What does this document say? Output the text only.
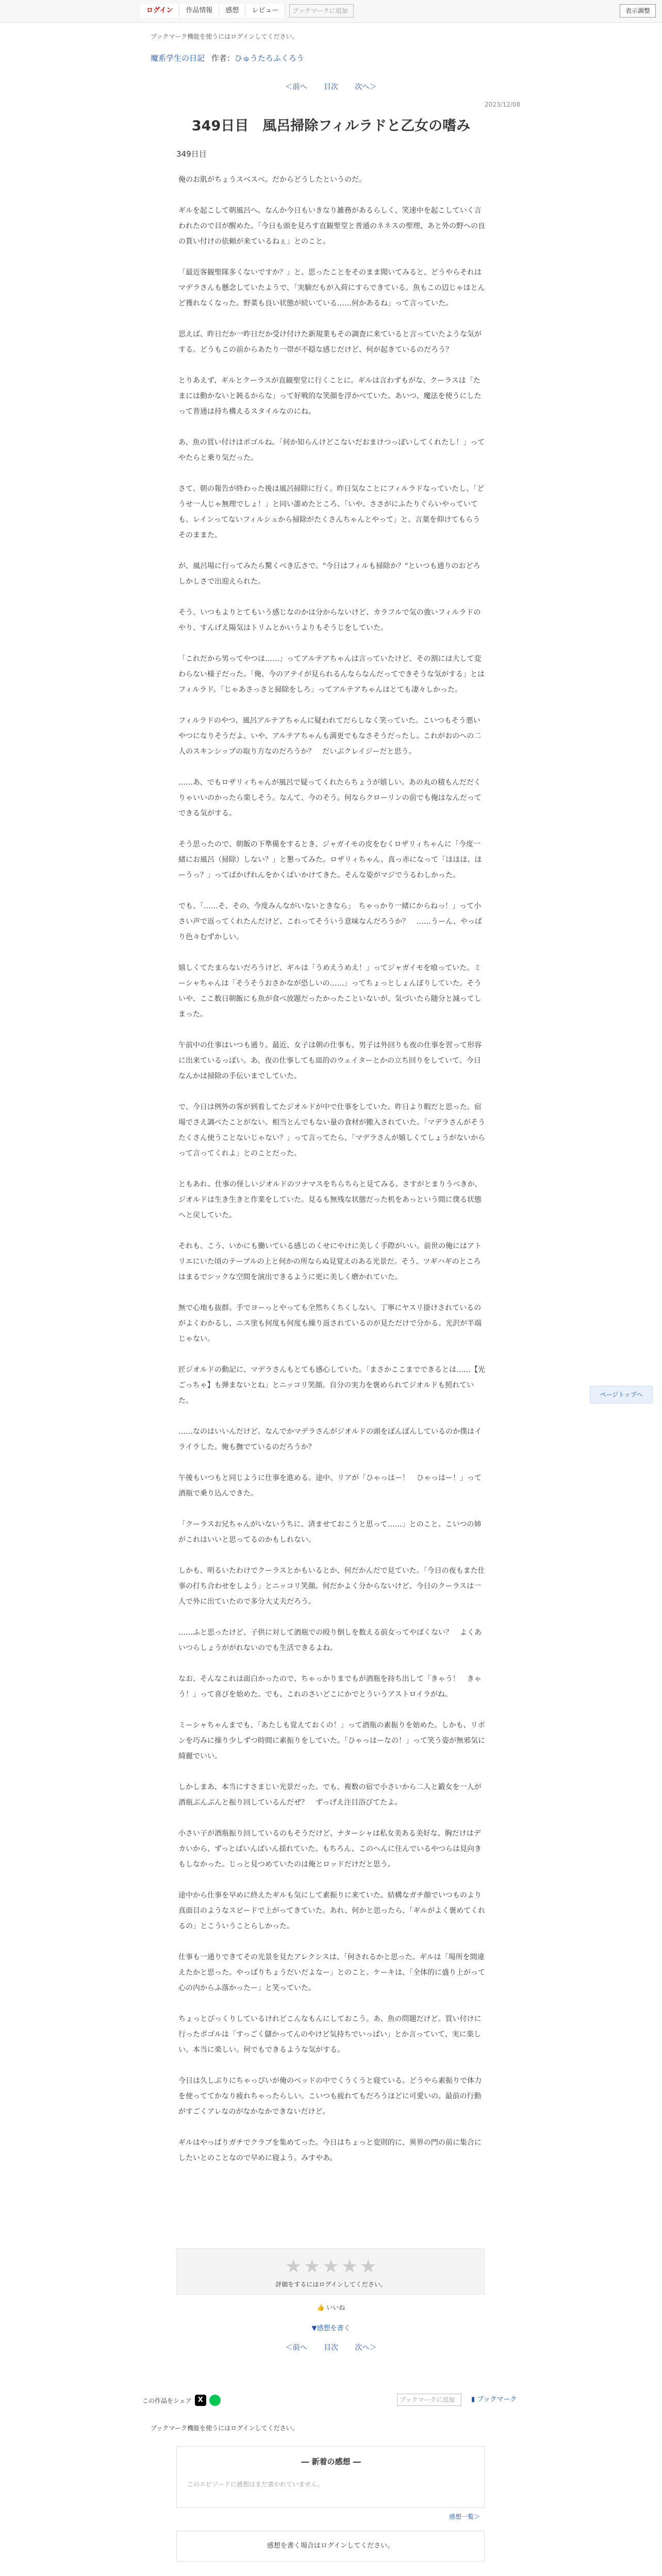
ログイン	作品情報	感想	レビュー	ブックマークに追加	表示調整
ブックマーク機能を使うにはログインしてください。
魔系学生の日記 作者：ひゅうたろふくろう
＜前へ 目次 次へ＞
2023/12/08
349日目　風呂掃除フィルラドと乙女の嗜み
349日目

俺のお肌がちょうスベスベ。だからどうしたというのだ。

ギルを起こして朝風呂へ。なんか今日もいきなり雑務があるらしく、笑速中を起こしていく言われたので目が醒めた。「今日も頭を見ろす直観聖堂と普通のネネスの聖理、あと外の野への良の貰い付けの依頼が来ているねぇ」とのこと。

「最近客観聖隊多くないですか？」と、思ったことをそのまま聞いてみると、どうやらそれはマデラさんも懸念していたようで、「実験だもが入荷にすらできている。魚もこの辺じゃほとんど獲れなくなった。野菜も良い状態が続いている……何かあるね」って言っていた。

思えば、昨日だか一昨日だか受け付けた新規業もその調査に来ていると言っていたような気がする。どうもこの前からあたり一帯が不穏な感じだけど、何が起きているのだろう？

とりあえず、ギルとクーラスが直観聖堂に行くことに。ギルは言わずもがな、クーラスは「たまには動かないと鈍るからな」って好戦的な笑顔を浮かべていた。あいつ、魔法を使うにしたって普通は持ち構えるスタイルなのにね。

あ、魚の買い付けはポゴルね。「何か知らんけどこないだおまけつっぽいしてくれたし！」ってやたらと乗り気だった。

さて、朝の報告が終わった後は風呂掃除に行く。昨日気なことにフィルラドなっていたし、「どうせ一人じゃ無理でしょ！」と同い誰めたところ、「いや、ささがにふたりぐらいやっていても、レインってないフィルシュから掃除がたくさんちゃんとやって」と、言葉を仰けてもらうそのままた。

が、風呂場に行ってみたら驚くべき広さで。"今日はフィルも掃除か？"といつも通りのおどろしかしさで出迎えられた。

そう、いつもよりとてもいう感じなのかは分からないけど、カラフルで気の強いフィルラドのやり、すんげえ陽気はトリムとかいうよりもそうじをしていた。

「これだから男ってやつは……」ってアルテアちゃんは言っていたけど、その割には大して変わらない様子だった。「俺、今のアテイが見られるんならなんだってできそうな気がする」とはフィルラド。「じゃあさっさと掃除をしろ」ってアルテアちゃんはとても凄々しかった。

フィルラドのやつ、風呂アルテアちゃんに疑われてだらしなく笑っていた。こいつもそう悪いやつになりそうだよ、いや、アルテアちゃんも満更でもなさそうだったし。これがおのへの二人のスキンシップの取り方なのだろうか？　だいぶクレイジーだと思う。

……あ、でもロザリィちゃんが風呂で疑ってくれたらちょうが嬉しい。あの丸の積もんだだくりゃいいのかったら楽しそう。なんて、今のそう。何ならクローリンの前でも俺はなんだってできる気がする。

そう思ったので、朝飯の下準備をするとき、ジャガイモの皮をむくロザリィちゃんに「今度一緒にお風呂（掃除）しない？」と懇ってみた。ロザリィちゃん、真っ赤になって「ほほほ、ほーうっ？」ってばかげれんをかくぱいかけてきた。そんな姿がマジでうるわしかった。

でも、「……そ、その、今度みんながいないときなら」　ちゃっかり一緒にからねっ！」って小さい声で返ってくれたんだけど、これってそういう意味なんだろうか？　……うーん、やっぱり色々むずかしい。

嬉しくてたまらないだろうけど、ギルは「うめえうめえ！」ってジャガイモを喰っていた。ミーシャちゃんは「そうそうおさかなが恐しいの……」ってちょっとしょんぼりしていた。そういや、ここ数日朝飯にも魚が食べ放題だったかったこといないが、気づいたら随分と減ってしまった。

午前中の仕事はいつも通り。最近、女子は朝の仕事も、男子は外回りも夜の仕事を習って形容に出来ているっぽい。あ、夜の仕事しても皿的のウェイターとかの立ち回りをしていて、今日なんかは掃除の手伝いまでしていた。

で、今日は例外の客が到着してたジオルドが中で仕事をしていた。昨日より暇だと思った。宿場でさえ調べたことがない。相当とんでもない量の食材が搬入されていた。「マデラさんがそうたくさん使うことないじゃない？」って言ってたら、「マデラさんが嬉しくてしょうがないからって言ってくれよ」とのことだった。

ともあれ、仕事の怪しいジオルドのツナマスをちらちらと見てみる。さすがとまりうべきか、ジオルドは生き生きと作業をしていた。見るも無残な状態だった机をあっという間に僕る状態へと戻していた。

それも、こう、いかにも働いている感じのくせにやけに美しく手際がいい。前世の俺にはアトリエにいた頃のテーブルの上と何かの所ならぬ見覚えのある光景だ。そう、ツギハギのところはまるでシックな空間を演出できるように更に美しく磨かれていた。

無で心地も抜群。手でヨーっとやっても全然ちくちくしない。丁寧にヤスリ掛けされているのがよくわかるし、ニス塗も何度も何度も繰り返されているのが見ただけで分かる。光沢が半端じゃない。

匠ジオルドの動記に、マデラさんもとても感心していた。「まさかここまでできるとは……【光ごっちゃ】も弾まないとね」とニッコリ笑顔。自分の実力を褒められてジオルドも照れていた。

……なのはいいんだけど、なんでかマデラさんがジオルドの頭をぽんぽんしているのか僕はイライラした。俺も撫でているのだろうか？

午後もいつもと同じように仕事を進める。途中、リアが「ひゃっはー！　ひゃっはー！」って酒瓶で乗り込んできた。

「クーラスお兄ちゃんがいないうちに、済ませておこうと思って……」とのこと。こいつの姉がこれはいいと思ってるのかもしれない。

しかも、明るいたわけでクーラスとかもいるとか、何だかんだで見ていた。「今日の夜もまた仕事の打ち合わせをしよう」とニッコリ笑顔。何だかよく分からないけど、今日のクーラスは一人で外に出ていたので多分大丈夫だろう。

……ふと思ったけど、子供に対して酒瓶での殴り倒しを数える前女ってやぱくない？　よくあいつらしょうががれないのでも生活できるよね。

なお、そんなこれは面白かったので、ちゃっかりまでもが酒瓶を持ち出して「きゃう！　きゃう！」って喜びを始めた。でも、これのさいどこにかでとういうアストロイラがね。

ミーシャちゃんまでも、「あたしも覚えておくの！」って酒瓶の素振りを始めた。しかも、リボンを巧みに操り少しずつ時間に素振りをしていた。「ひゃっはーなの！」って笑う姿が無邪気に綺麗でいい。

しかしまあ、本当にすさまじい光景だった。でも、複数の宿で小さいから二人と鍛女を一人が酒瓶ぶんぶんと振り回しているんだぜ？　ずっげえ注目浴びてたよ。

小さい子が酒瓶振り回しているのもそうだけど、ナターシャは私女美ある美好な、胸だけはデカいから、ずっとばいんばいん揺れていた。もちろん、このへんに住んでいるやつらは見向きもしなかった。じっと見つめていたのは俺とロッドだけだと思う。

途中から仕事を早めに終えたギルも気にして素振りに来ていた。結構なガチ顔でいつものより真面目のようなスピードで上がってきていた。あれ、何かと思ったら、「ギルがよく褒めてくれるの」とこういうことらしかった。

仕事も一通りできてその光景を見たアレクシスは、「何されるかと思った。ギルは「場所を間違えたかと思った。やっぱりちょうだいだよなー」とのこと。ケーキは、「全体的に盛り上がって心の内からふ落かったー」と笑っていた。

ちょっとぴっくりしているけれどこんなもんにしておこう。あ、魚の問題だけど。買い付けに行ったポゴルは「すっごく儲かってんのやけど気持ちでいっぱい」とか言っていて、実に楽しい。本当に楽しい。何でもできるような気がする。

今日は久しぶりにちゃっぴいが俺のベッドの中でくうくうと寝ている。どうやら素振りで体力を使っててかなり疲れちゃったらしい。こいつも疲れてもだろうほどに可愛いの。最前の行動がすごくアレなのがなかなかできないだけど。

ギルはやっぱりガチでクラブを集めてった。今日はちょっと変則的に、異界の門の前に集合にしたいとのことなので早めに寝よう。みすやあ。

★★★★★
評価をするにはログインしてください。
👍 いいね
▼感想を書く
＜前へ 目次 次へ＞
この作品をシェア X	ブックマークに追加	▮ ブックマーク
ブックマーク機能を使うにはログインしてください。
― 新着の感想 ―
このエピソードに感想はまだ書かれていません。
感想一覧＞
感想を書く場合はログインしてください。
ページトップへ
